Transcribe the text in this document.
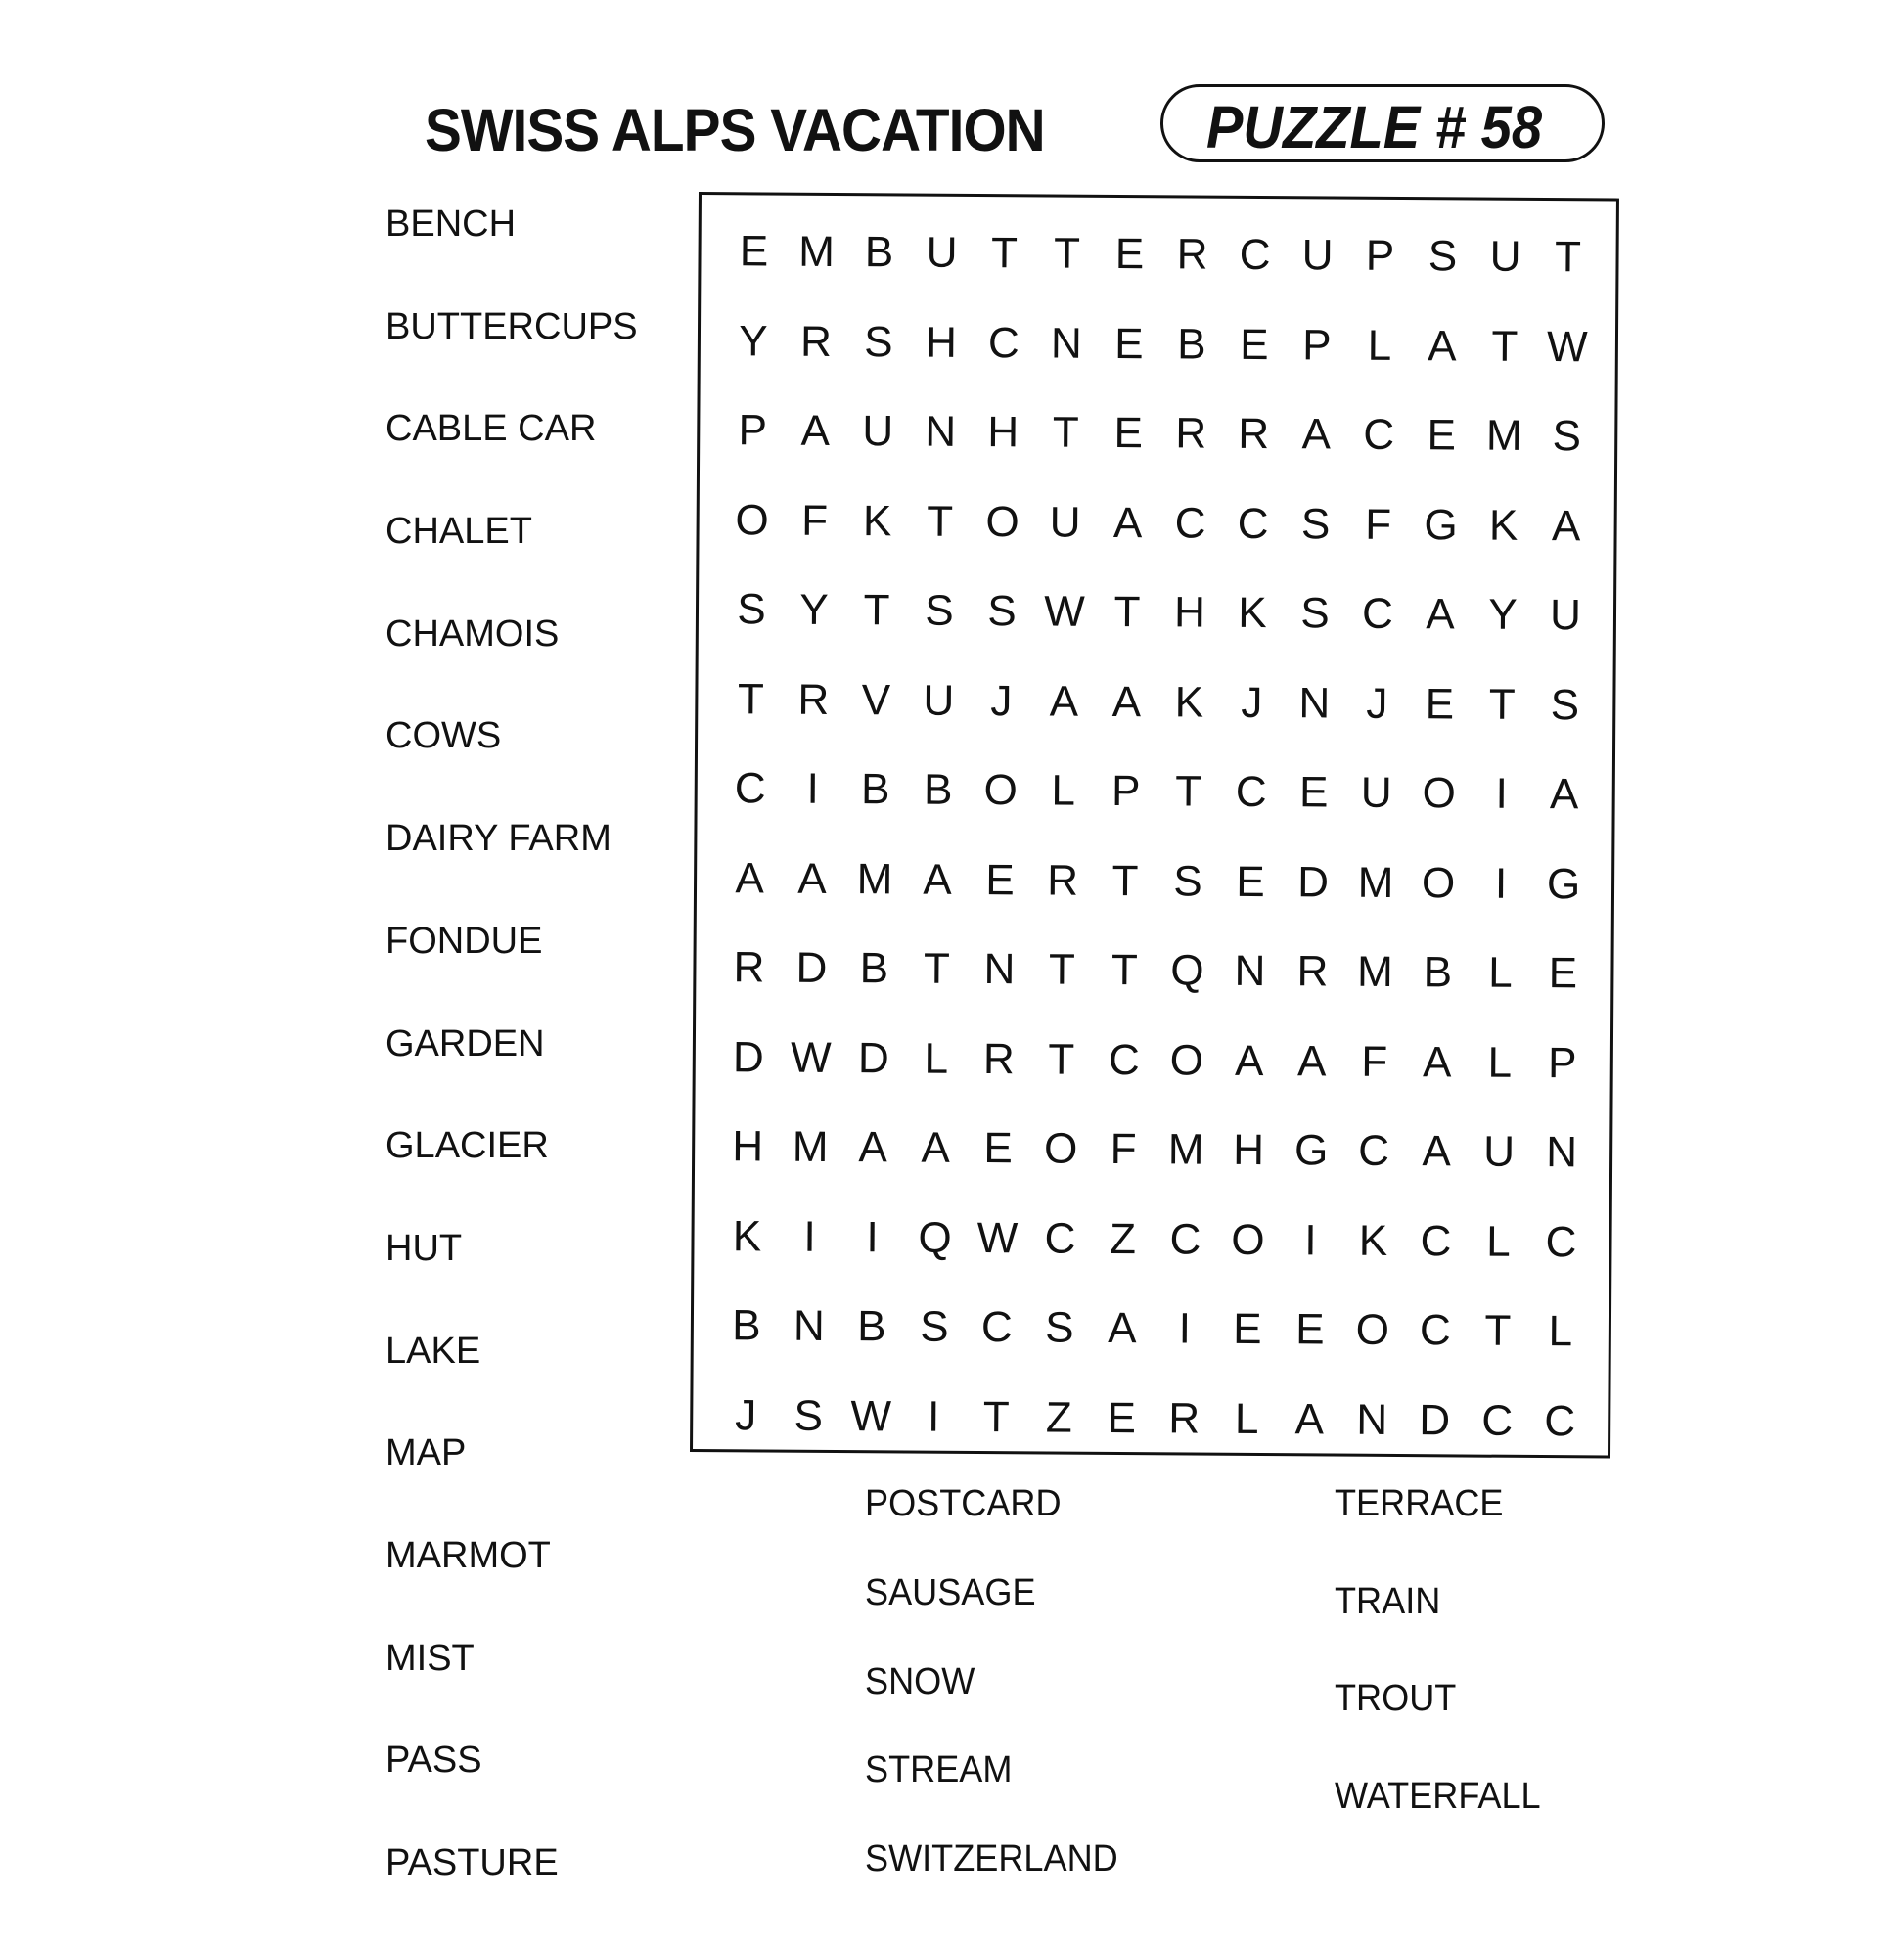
SWISS ALPS VACATION	PUZZLE # 58
BENCH
BUTTERCUPS
CABLE CAR
CHALET
CHAMOIS
COWS
DAIRY FARM
FONDUE
GARDEN
GLACIER
HUT
LAKE
MAP
MARMOT
MIST
PASS
PASTURE
E M B U T T E R C U P S U T
Y R S H C N E B E P L A T W
P A U N H T E R R A C E M S
O F K T O U A C C S F G K A
S Y T S S W T H K S C A Y U
T R V U J A A K J N J E T S
C I B B O L P T C E U O I A
A A M A E R T S E D M O I G
R D B T N T T Q N R M B L E
D W D L R T C O A A F A L P
H M A A E O F M H G C A U N
K I	I Q W C Z C O I K C L C
B N B S C S A I E E O C T L
J S W I	T Z E R L A N D C C
POSTCARD
SAUSAGE
SNOW
STREAM
SWITZERLAND
TERRACE
TRAIN
TROUT
WATERFALL
